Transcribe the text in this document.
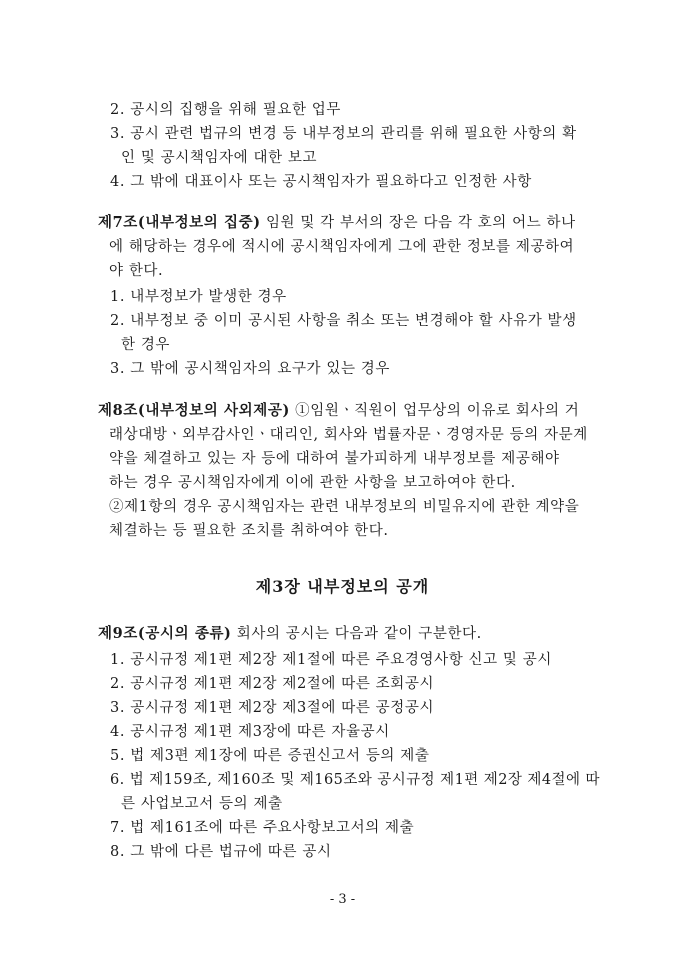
2. 공시의 집행을 위해 필요한 업무
3. 공시 관련 법규의 변경 등 내부정보의 관리를 위해 필요한 사항의 확
인 및 공시책임자에 대한 보고
4. 그 밖에 대표이사 또는 공시책임자가 필요하다고 인정한 사항
제7조(내부정보의 집중) 임원 및 각 부서의 장은 다음 각 호의 어느 하나
에 해당하는 경우에 적시에 공시책임자에게 그에 관한 정보를 제공하여
야 한다.
1. 내부정보가 발생한 경우
2. 내부정보 중 이미 공시된 사항을 취소 또는 변경해야 할 사유가 발생
한 경우
3. 그 밖에 공시책임자의 요구가 있는 경우
제8조(내부정보의 사외제공) ①임원ㆍ직원이 업무상의 이유로 회사의 거
래상대방ㆍ외부감사인ㆍ대리인, 회사와 법률자문ㆍ경영자문 등의 자문계
약을 체결하고 있는 자 등에 대하여 불가피하게 내부정보를 제공해야
하는 경우 공시책임자에게 이에 관한 사항을 보고하여야 한다.
②제1항의 경우 공시책임자는 관련 내부정보의 비밀유지에 관한 계약을
체결하는 등 필요한 조치를 취하여야 한다.
제3장 내부정보의 공개
제9조(공시의 종류) 회사의 공시는 다음과 같이 구분한다.
1. 공시규정 제1편 제2장 제1절에 따른 주요경영사항 신고 및 공시
2. 공시규정 제1편 제2장 제2절에 따른 조회공시
3. 공시규정 제1편 제2장 제3절에 따른 공정공시
4. 공시규정 제1편 제3장에 따른 자율공시
5. 법 제3편 제1장에 따른 증권신고서 등의 제출
6. 법 제159조, 제160조 및 제165조와 공시규정 제1편 제2장 제4절에 따
른 사업보고서 등의 제출
7. 법 제161조에 따른 주요사항보고서의 제출
8. 그 밖에 다른 법규에 따른 공시
- 3 -
